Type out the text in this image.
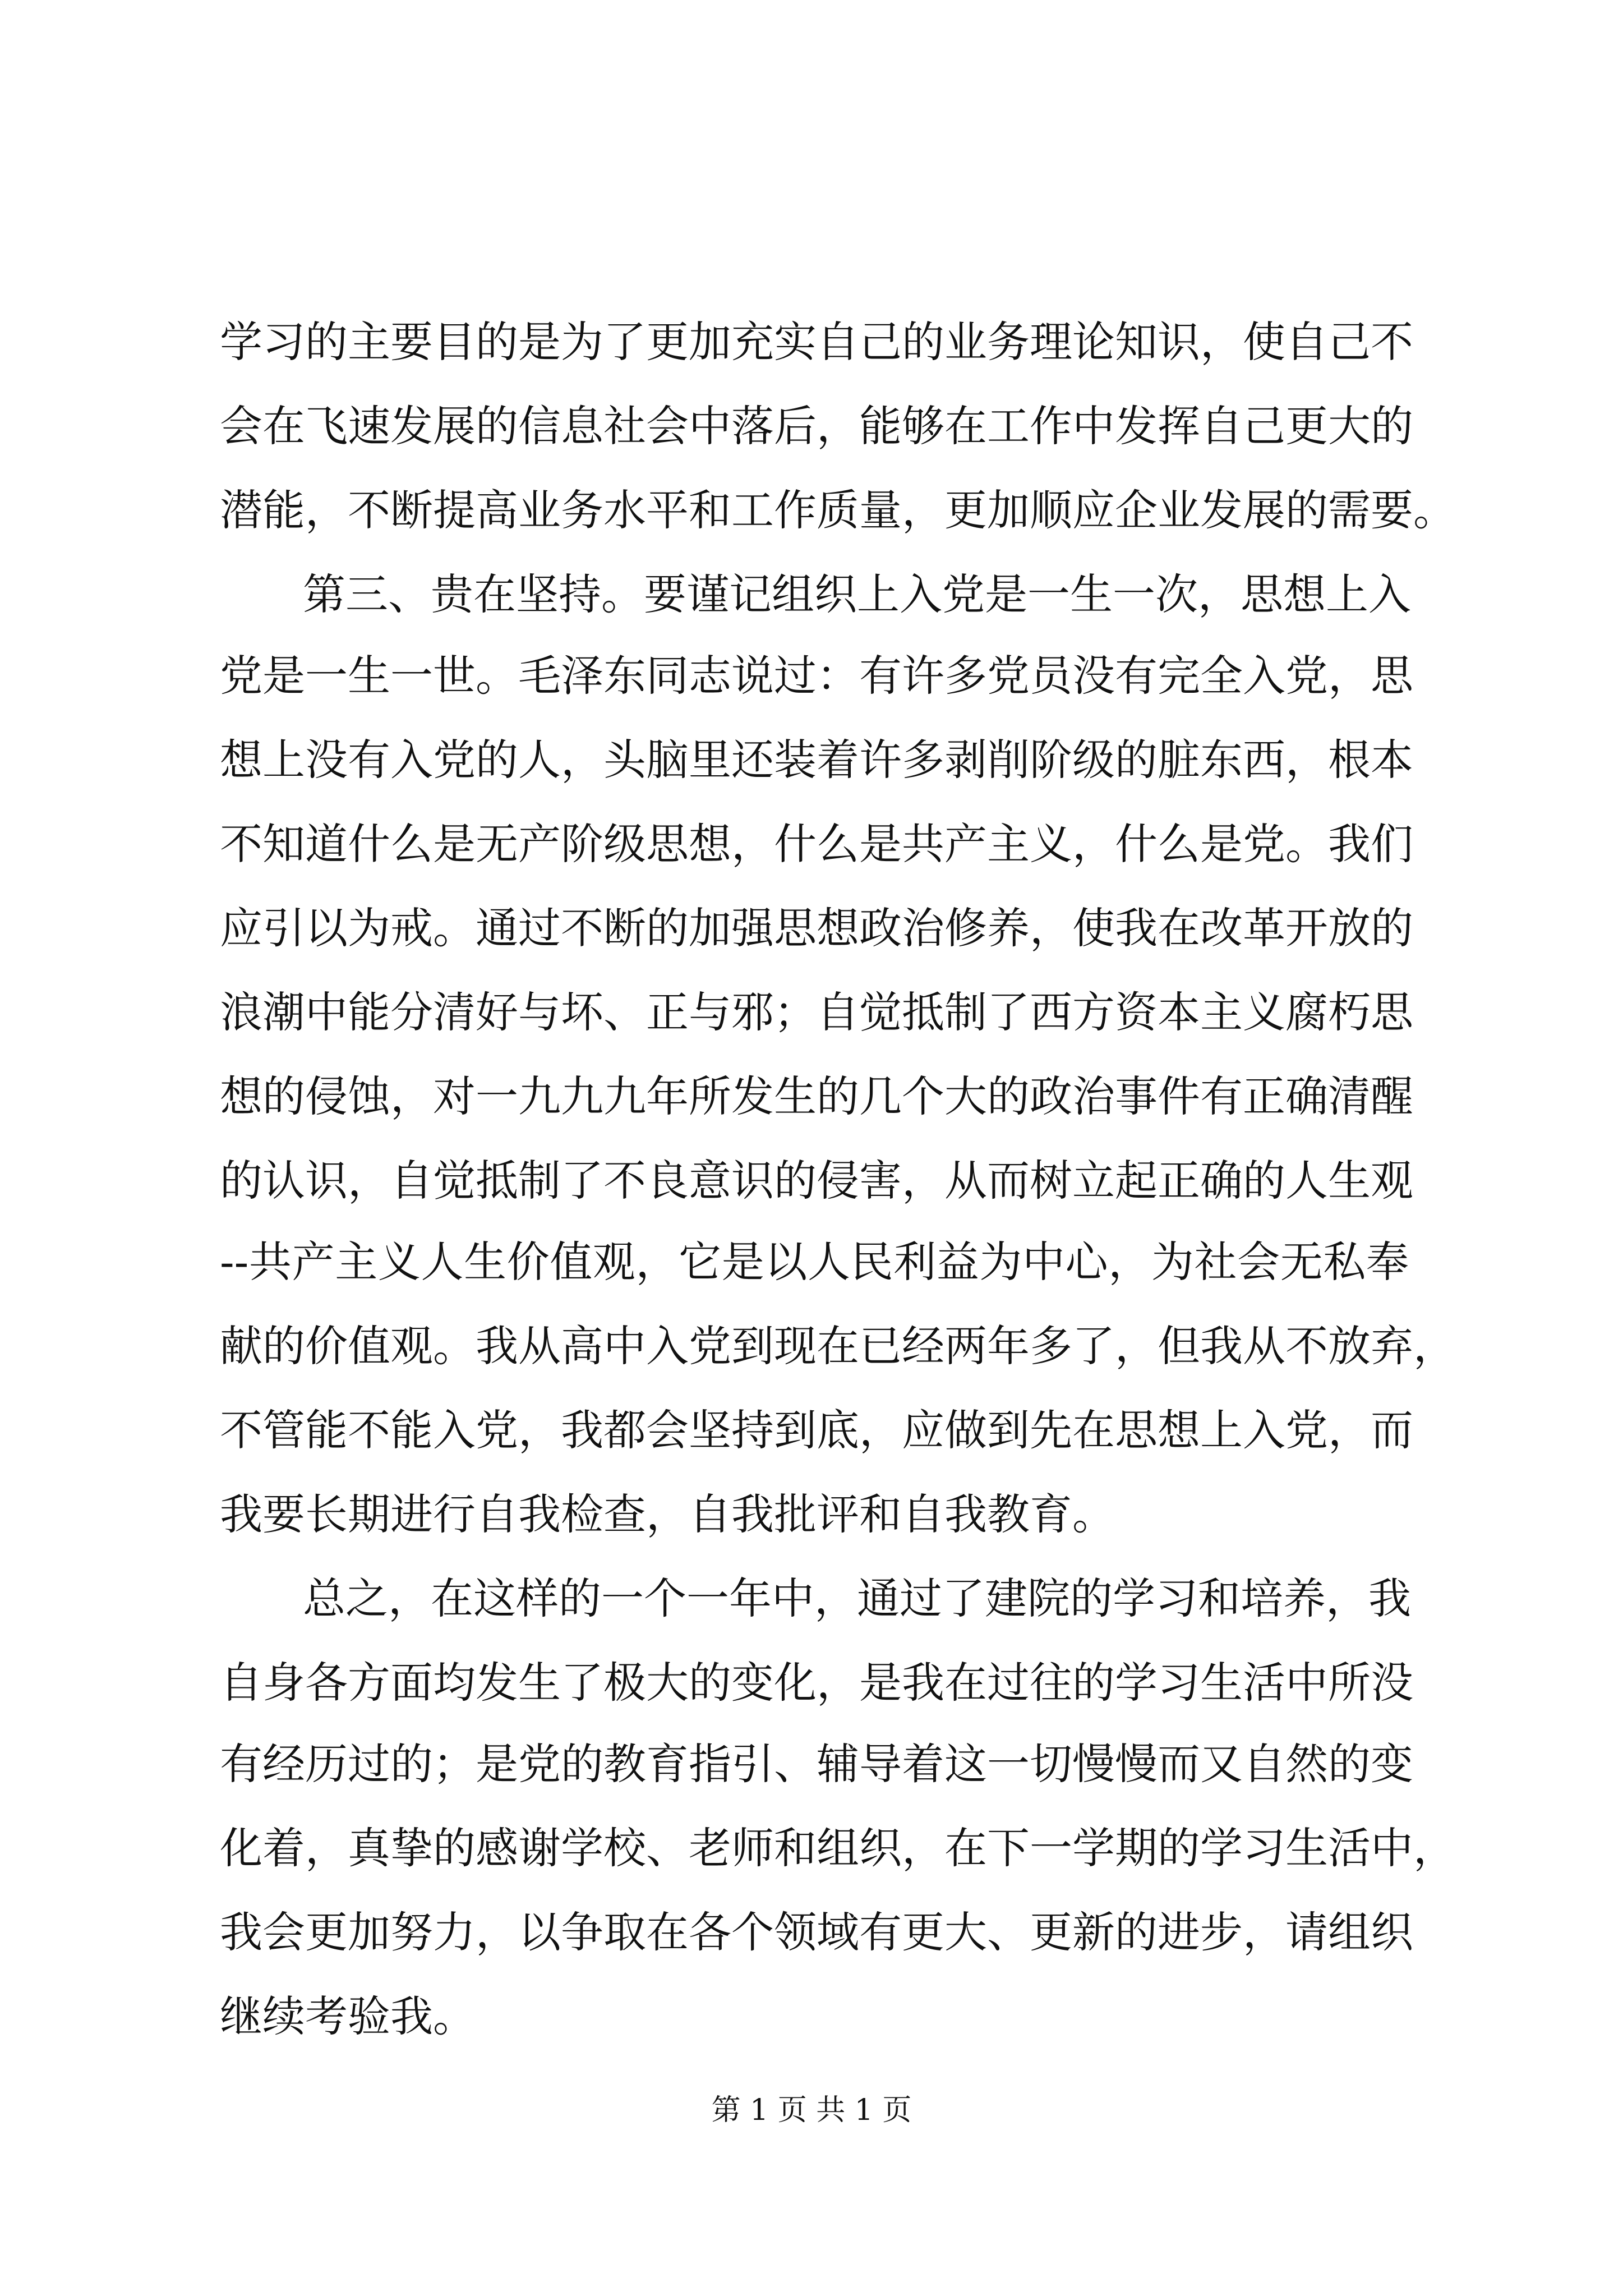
学习的主要目的是为了更加充实自己的业务理论知识，使自己不
会在飞速发展的信息社会中落后，能够在工作中发挥自己更大的
潜能，不断提高业务水平和工作质量，更加顺应企业发展的需要。
第三、贵在坚持。要谨记组织上入党是一生一次，思想上入
党是一生一世。毛泽东同志说过：有许多党员没有完全入党，思
想上没有入党的人，头脑里还装着许多剥削阶级的脏东西，根本
不知道什么是无产阶级思想，什么是共产主义，什么是党。我们
应引以为戒。通过不断的加强思想政治修养，使我在改革开放的
浪潮中能分清好与坏、正与邪；自觉抵制了西方资本主义腐朽思
想的侵蚀，对一九九九年所发生的几个大的政治事件有正确清醒
的认识，自觉抵制了不良意识的侵害，从而树立起正确的人生观
--共产主义人生价值观，它是以人民利益为中心，为社会无私奉
献的价值观。我从高中入党到现在已经两年多了，但我从不放弃，
不管能不能入党，我都会坚持到底，应做到先在思想上入党，而
我要长期进行自我检查，自我批评和自我教育。
总之，在这样的一个一年中，通过了建院的学习和培养，我
自身各方面均发生了极大的变化，是我在过往的学习生活中所没
有经历过的；是党的教育指引、辅导着这一切慢慢而又自然的变
化着，真挚的感谢学校、老师和组织，在下一学期的学习生活中，
我会更加努力，以争取在各个领域有更大、更新的进步，请组织
继续考验我。
第 1 页 共 1 页
